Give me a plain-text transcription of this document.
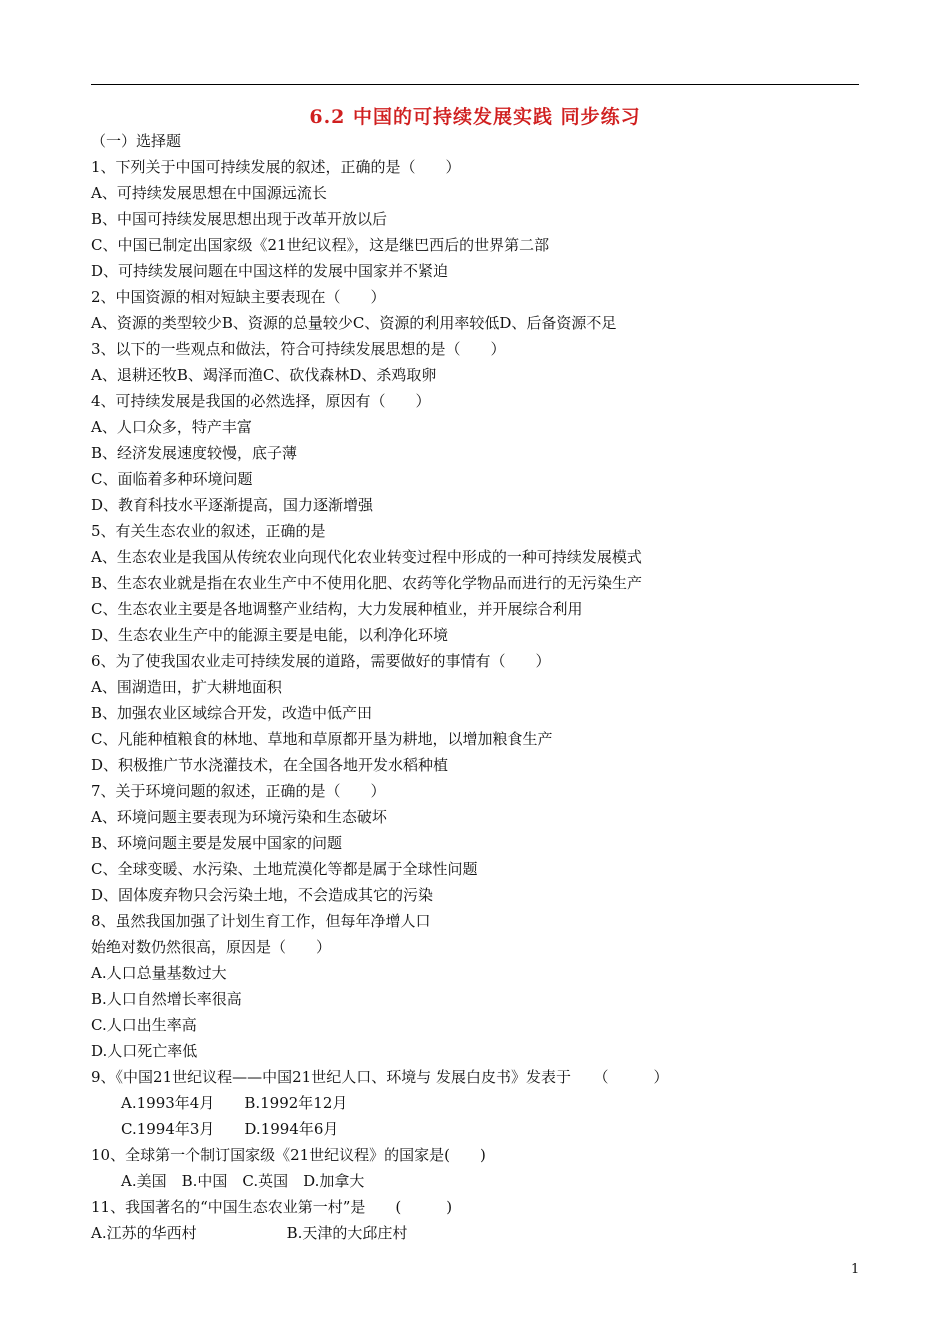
6.2 中国的可持续发展实践 同步练习
（一）选择题
1、下列关于中国可持续发展的叙述，正确的是（　　）
A、可持续发展思想在中国源远流长
B、中国可持续发展思想出现于改革开放以后
C、中国已制定出国家级《21世纪议程》，这是继巴西后的世界第二部
D、可持续发展问题在中国这样的发展中国家并不紧迫
2、中国资源的相对短缺主要表现在（　　）
A、资源的类型较少B、资源的总量较少C、资源的利用率较低D、后备资源不足
3、以下的一些观点和做法，符合可持续发展思想的是（　　）
A、退耕还牧B、竭泽而渔C、砍伐森林D、杀鸡取卵
4、可持续发展是我国的必然选择，原因有（　　）
A、人口众多，特产丰富
B、经济发展速度较慢，底子薄
C、面临着多种环境问题
D、教育科技水平逐渐提高，国力逐渐增强
5、有关生态农业的叙述，正确的是
A、生态农业是我国从传统农业向现代化农业转变过程中形成的一种可持续发展模式
B、生态农业就是指在农业生产中不使用化肥、农药等化学物品而进行的无污染生产
C、生态农业主要是各地调整产业结构，大力发展种植业，并开展综合利用
D、生态农业生产中的能源主要是电能，以利净化环境
6、为了使我国农业走可持续发展的道路，需要做好的事情有（　　）
A、围湖造田，扩大耕地面积
B、加强农业区域综合开发，改造中低产田
C、凡能种植粮食的林地、草地和草原都开垦为耕地，以增加粮食生产
D、积极推广节水浇灌技术，在全国各地开发水稻种植
7、关于环境问题的叙述，正确的是（　　）
A、环境问题主要表现为环境污染和生态破坏
B、环境问题主要是发展中国家的问题
C、全球变暖、水污染、土地荒漠化等都是属于全球性问题
D、固体废弃物只会污染土地，不会造成其它的污染
8、虽然我国加强了计划生育工作，但每年净增人口
始绝对数仍然很高，原因是（　　）
A.人口总量基数过大
B.人口自然增长率很高
C.人口出生率高
D.人口死亡率低
9、《中国21世纪议程——中国21世纪人口、环境与 发展白皮书》发表于　　（　　　）
A.1993年4月　　B.1992年12月
C.1994年3月　　D.1994年6月
10、全球第一个制订国家级《21世纪议程》的国家是(　　)
A.美国　B.中国　C.英国　D.加拿大
11、我国著名的“中国生态农业第一村”是　　(　　　)
A.江苏的华西村　　　　　　B.天津的大邱庄村
1
